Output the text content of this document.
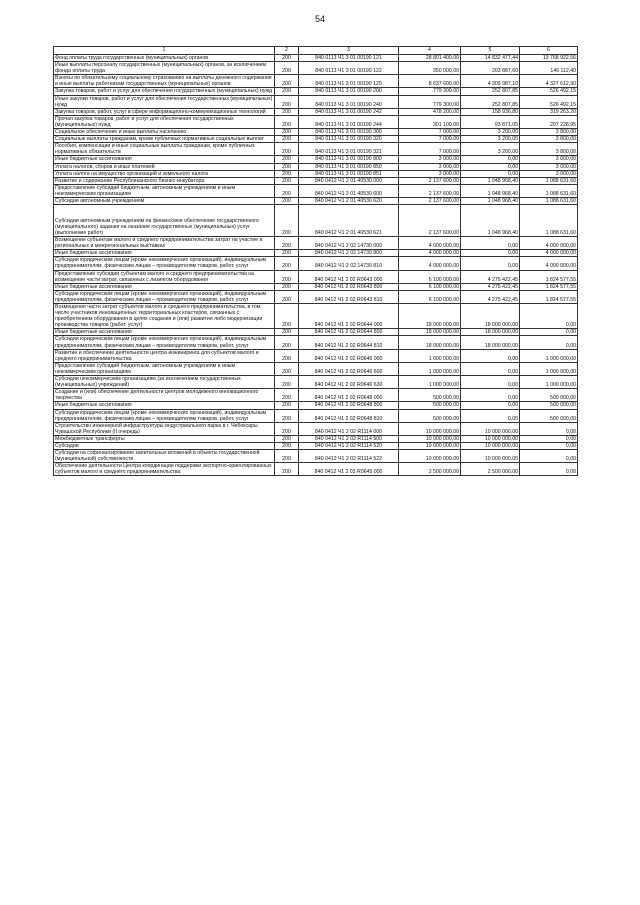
54
1	2	3	4	5	6
Фонд оплаты труда государственных (муниципальных) органов	200	840 0113 Ч1 3 01 00190 121	28 801 400,00	14 832 477,44	13 768 922,56
Иные выплаты персоналу государственных (муниципальных) органов, за исключением фонда оплаты труда	200	840 0113 Ч1 3 01 00190 122	350 000,00	203 887,60	146 112,40
Взносы по обязательному социальному страхованию на выплаты денежного содержания и иные выплаты работникам государственных (муниципальных) органов	200	840 0113 Ч1 3 01 00190 129	8 637 600,00	4 309 987,10	4 327 612,90
Закупка товаров, работ и услуг для обеспечения государственных (муниципальных) нужд	200	840 0113 Ч1 3 01 00190 200	779 300,00	252 807,85	526 492,15
Иные закупки товаров, работ и услуг для обеспечения государственных (муниципальных) нужд	200	840 0113 Ч1 3 01 00190 240	779 300,00	252 807,85	526 492,15
Закупка товаров, работ, услуг в сфере информационно-коммуникационных технологий	200	840 0113 Ч1 3 01 00190 242	478 200,00	158 936,80	319 263,20
Прочая закупка товаров, работ и услуг для обеспечения государственных (муниципальных) нужд	200	840 0113 Ч1 3 01 00190 244	301 100,00	93 871,05	207 228,95
Социальное обеспечение и иные выплаты населению	200	840 0113 Ч1 3 01 00190 300	7 000,00	3 200,00	3 800,00
Социальные выплаты гражданам, кроме публичных нормативных социальных выплат	200	840 0113 Ч1 3 01 00190 320	7 000,00	3 200,00	3 800,00
Пособия, компенсации и иные социальные выплаты гражданам, кроме публичных нормативных обязательств	200	840 0113 Ч1 3 01 00190 321	7 000,00	3 200,00	3 800,00
Иные бюджетные ассигнования	200	840 0113 Ч1 3 01 00190 800	3 000,00	0,00	3 000,00
Уплата налогов, сборов и иных платежей	200	840 0113 Ч1 3 01 00190 850	3 000,00	0,00	3 000,00
Уплата налога на имущество организаций и земельного налога	200	840 0113 Ч1 3 01 00190 851	3 000,00	0,00	3 000,00
Развитие и содержание Республиканского бизнес-инкубатора	200	840 0412 Ч1 2 01 40530 000	2 137 600,00	1 048 968,40	1 088 631,60
Предоставление субсидий бюджетным, автономным учреждениям и иным некоммерческим организациям	200	840 0412 Ч1 2 01 40530 600	2 137 600,00	1 048 968,40	1 088 631,60
Субсидии автономным учреждениям	200	840 0412 Ч1 2 01 40530 620	2 137 600,00	1 048 968,40	1 088 631,60
Субсидии автономным учреждениям на финансовое обеспечение государственного (муниципального) задания на оказание государственных (муниципальных) услуг (выполнение работ)	200	840 0412 Ч1 2 01 40530 621	2 137 600,00	1 048 968,40	1 088 631,60
Возмещение субъектам малого и среднего предпринимательства затрат на участие в региональных и межрегиональных выставках	200	840 0412 Ч1 2 02 14730 000	4 000 000,00	0,00	4 000 000,00
Иные бюджетные ассигнования	200	840 0412 Ч1 2 02 14730 800	4 000 000,00	0,00	4 000 000,00
Субсидии юридическим лицам (кроме некоммерческих организаций), индивидуальным предпринимателям, физическим лицам – производителям товаров, работ, услуг	200	840 0412 Ч1 2 02 14730 810	4 000 000,00	0,00	4 000 000,00
Предоставление субсидии субъектам малого и среднего предпринимательства на возмещение части затрат, связанных с лизингом оборудования	200	840 0412 Ч1 2 02 R0643 000	6 100 000,00	4 275 422,45	1 824 577,55
Иные бюджетные ассигнования	200	840 0412 Ч1 2 02 R0643 800	6 100 000,00	4 275 422,45	1 824 577,55
Субсидии юридическим лицам (кроме некоммерческих организаций), индивидуальным предпринимателям, физическим лицам – производителям товаров, работ, услуг	200	840 0412 Ч1 2 02 R0643 810	6 100 000,00	4 275 422,45	1 824 577,55
Возмещение части затрат субъектов малого и среднего предпринимательства, в том числе участников инновационных территориальных кластеров, связанных с приобретением оборудования в целях создания и (или) развития либо модернизации производства товаров (работ, услуг)	200	840 0412 Ч1 2 02 R0644 000	18 000 000,00	18 000 000,00	0,00
Иные бюджетные ассигнования	200	840 0412 Ч1 2 02 R0644 800	18 000 000,00	18 000 000,00	0,00
Субсидии юридическим лицам (кроме некоммерческих организаций), индивидуальным предпринимателям, физическим лицам – производителям товаров, работ, услуг	200	840 0412 Ч1 2 02 R0644 810	18 000 000,00	18 000 000,00	0,00
Развитие и обеспечение деятельности центра инжиниринга для субъектов малого и среднего предпринимательства	200	840 0412 Ч1 2 02 R0646 000	1 000 000,00	0,00	1 000 000,00
Предоставление субсидий бюджетным, автономным учреждениям и иным некоммерческим организациям	200	840 0412 Ч1 2 02 R0646 600	1 000 000,00	0,00	1 000 000,00
Субсидии некоммерческим организациям (за исключением государственных (муниципальных) учреждений)	200	840 0412 Ч1 2 02 R0646 630	1 000 000,00	0,00	1 000 000,00
Создание и (или) обеспечение деятельности центров молодежного инновационного творчества	200	840 0412 Ч1 2 02 R0648 000	500 000,00	0,00	500 000,00
Иные бюджетные ассигнования	200	840 0412 Ч1 2 02 R0648 800	500 000,00	0,00	500 000,00
Субсидии юридическим лицам (кроме некоммерческих организаций), индивидуальным предпринимателям, физическим лицам – производителям товаров, работ, услуг	200	840 0412 Ч1 2 02 R0648 810	500 000,00	0,00	500 000,00
Строительство инженерной инфраструктуры индустриального парка в г. Чебоксары Чувашской Республики (II очередь)	200	840 0412 Ч1 2 02 R1114 000	10 000 000,00	10 000 000,00	0,00
Межбюджетные трансферты	200	840 0412 Ч1 2 02 R1114 500	10 000 000,00	10 000 000,00	0,00
Субсидии	200	840 0412 Ч1 2 02 R1114 520	10 000 000,00	10 000 000,00	0,00
Субсидии на софинансирование капитальных вложений в объекты государственной (муниципальной) собственности	200	840 0412 Ч1 2 02 R1114 522	10 000 000,00	10 000 000,00	0,00
Обеспечение деятельности Центра координации поддержки экспортно-ориентированных субъектов малого и среднего предпринимательства	200	840 0412 Ч1 2 03 R0645 000	2 500 000,00	2 500 000,00	0,00
